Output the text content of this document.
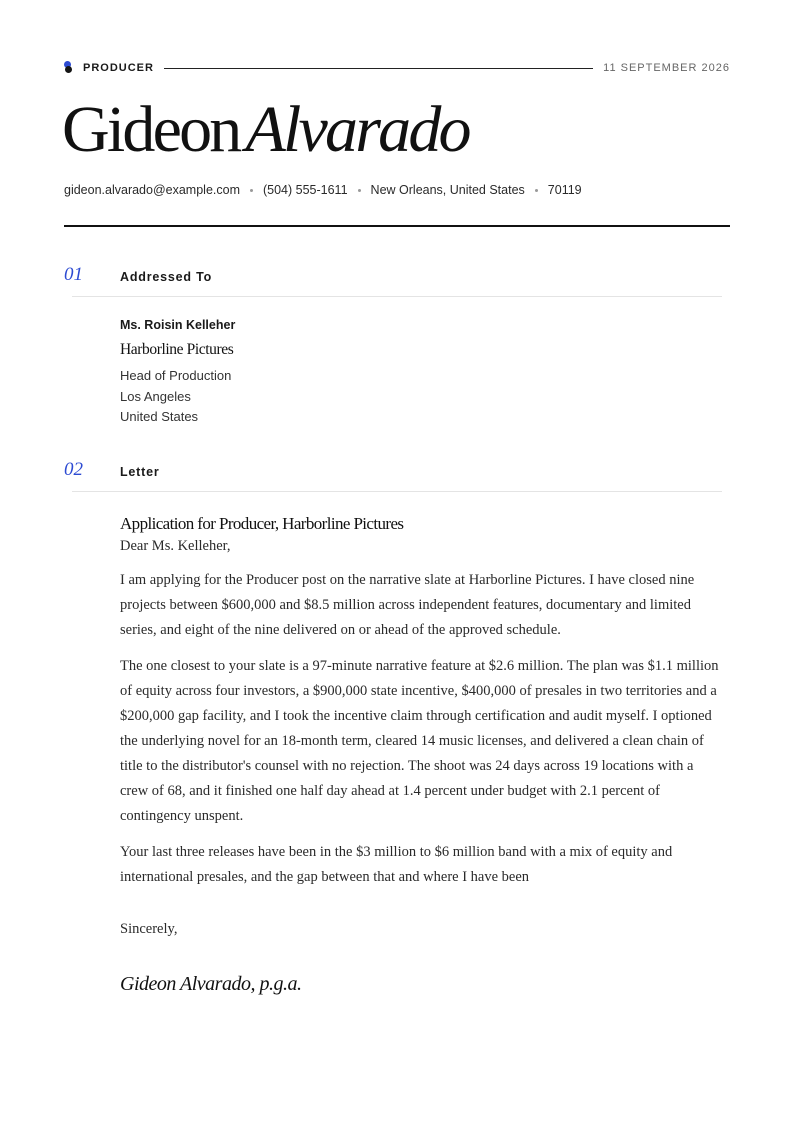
PRODUCER	11 SEPTEMBER 2026
GideonAlvarado
gideon.alvarado@example.com (504) 555-1611 New Orleans, United States 70119
01	Addressed To
Ms. Roisin Kelleher
Harborline Pictures
Head of Production
Los Angeles
United States
02	Letter
Application for Producer, Harborline Pictures
Dear Ms. Kelleher,

I am applying for the Producer post on the narrative slate at Harborline Pictures. I have closed nine projects between $600,000 and $8.5 million across independent features, documentary and limited series, and eight of the nine delivered on or ahead of the approved schedule.

The one closest to your slate is a 97-minute narrative feature at $2.6 million. The plan was $1.1 million of equity across four investors, a $900,000 state incentive, $400,000 of presales in two territories and a $200,000 gap facility, and I took the incentive claim through certification and audit myself. I optioned the underlying novel for an 18-month term, cleared 14 music licenses, and delivered a clean chain of title to the distributor's counsel with no rejection. The shoot was 24 days across 19 locations with a crew of 68, and it finished one half day ahead at 1.4 percent under budget with 2.1 percent of contingency unspent.

Your last three releases have been in the $3 million to $6 million band with a mix of equity and international presales, and the gap between that and where I have been

Sincerely,
Gideon Alvarado, p.g.a.
